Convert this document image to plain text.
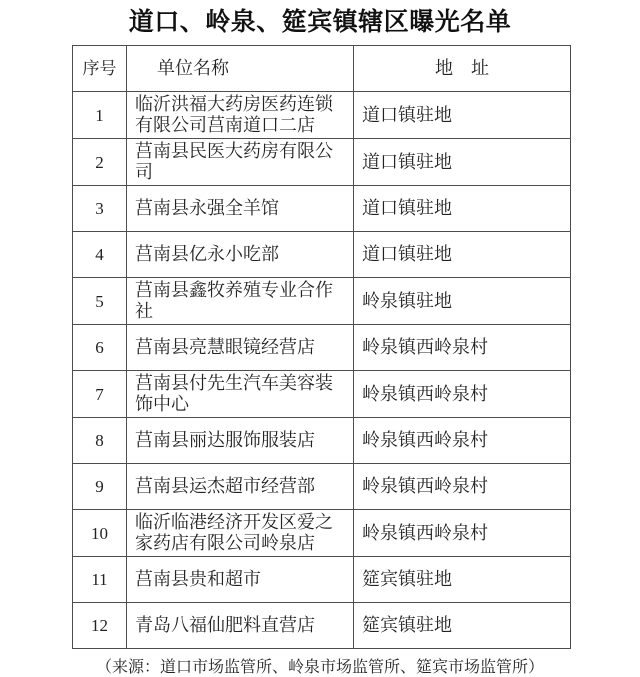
道口、岭泉、筵宾镇辖区曝光名单
序号	单位名称	地　址
1	临沂洪福大药房医药连锁有限公司莒南道口二店	道口镇驻地
2	莒南县民医大药房有限公司	道口镇驻地
3	莒南县永强全羊馆	道口镇驻地
4	莒南县亿永小吃部	道口镇驻地
5	莒南县鑫牧养殖专业合作社	岭泉镇驻地
6	莒南县亮慧眼镜经营店	岭泉镇西岭泉村
7	莒南县付先生汽车美容装饰中心	岭泉镇西岭泉村
8	莒南县丽达服饰服装店	岭泉镇西岭泉村
9	莒南县运杰超市经营部	岭泉镇西岭泉村
10	临沂临港经济开发区爱之家药店有限公司岭泉店	岭泉镇西岭泉村
11	莒南县贵和超市	筵宾镇驻地
12	青岛八福仙肥料直营店	筵宾镇驻地
（来源：道口市场监管所、岭泉市场监管所、筵宾市场监管所）
